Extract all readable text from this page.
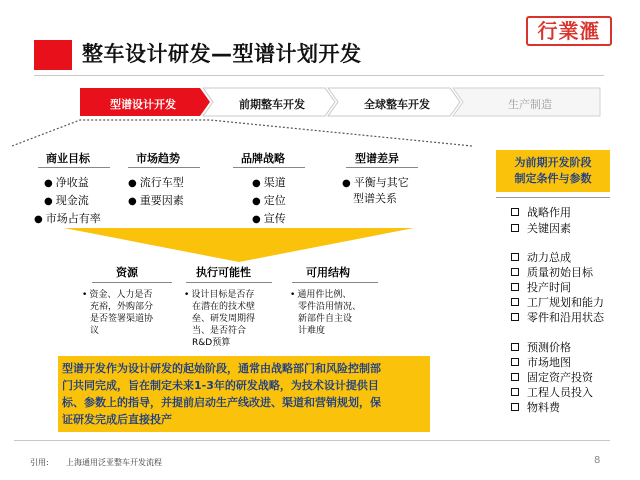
整车设计研发—型谱计划开发
行業滙
型谱设计开发	前期整车开发	全球整车开发	生产制造
商业目标
● 净收益
● 现金流
● 市场占有率
市场趋势
● 流行车型
● 重要因素
品牌战略
● 渠道
● 定位
● 宣传
型谱差异
● 平衡与其它
型谱关系
资源
• 资金、人力是否
充裕，外购部分
是否签署渠道协
议
执行可能性
• 设计目标是否存
在潜在的技术壁
垒、研发周期得
当、是否符合
R&D预算
可用结构
• 通用件比例、
零件沿用情况、
新部件自主设
计难度
型谱开发作为设计研发的起始阶段，通常由战略部门和风险控制部
门共同完成，旨在制定未来1-3年的研发战略，为技术设计提供目
标、参数上的指导，并提前启动生产线改进、渠道和营销规划，保
证研发完成后直接投产
为前期开发阶段
制定条件与参数
战略作用
关键因素
动力总成
质量初始目标
投产时间
工厂规划和能力
零件和沿用状态
预测价格
市场地图
固定资产投资
工程人员投入
物料费
引用: 上海通用泛亚整车开发流程	8
